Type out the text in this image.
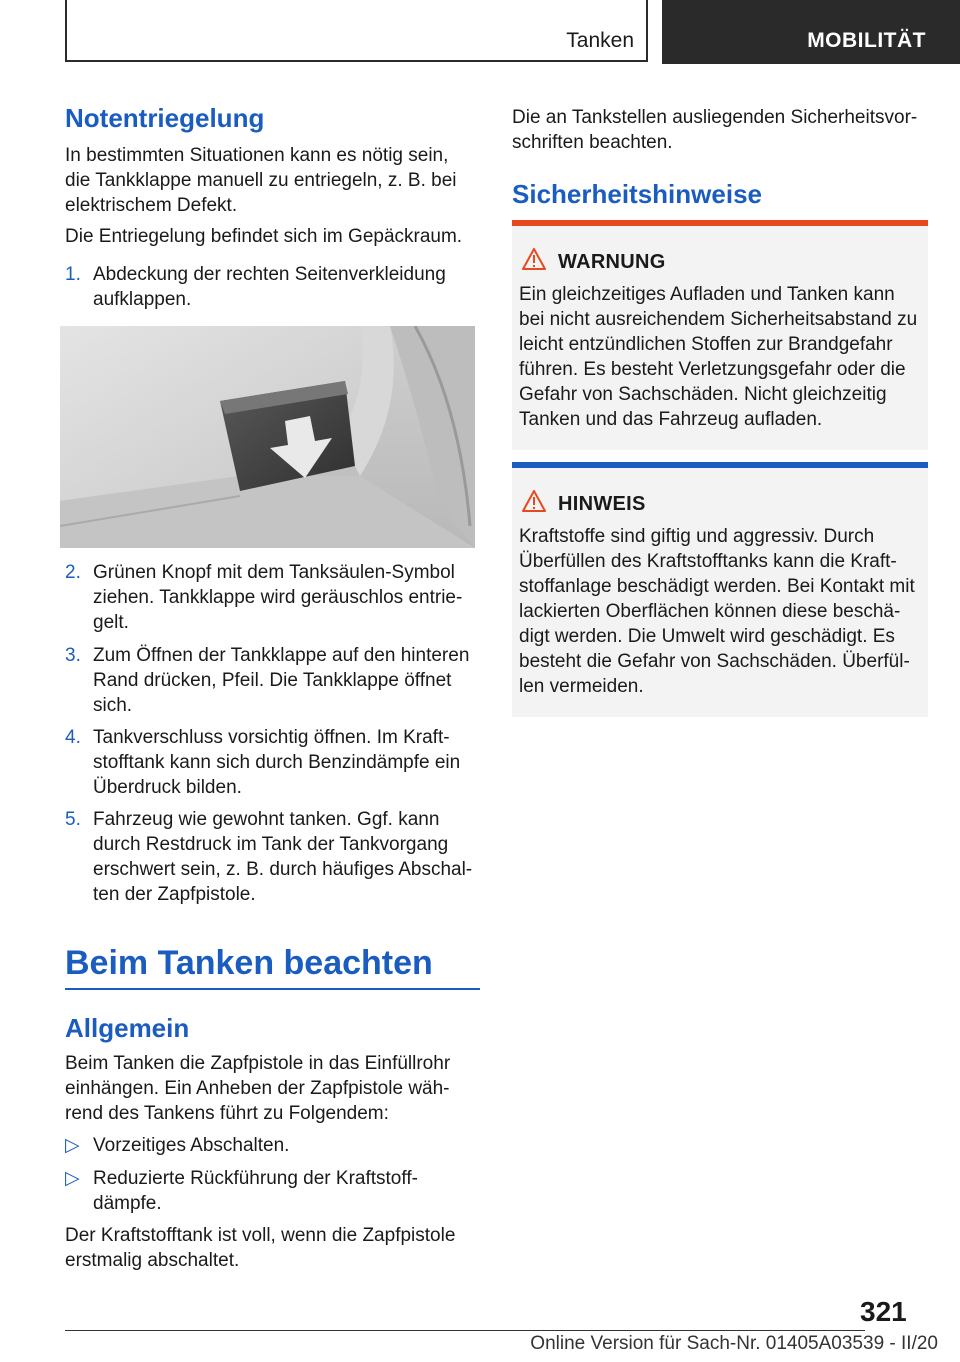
Tanken	MOBILITÄT
Notentriegelung
In bestimmten Situationen kann es nötig sein, die Tankklappe manuell zu entriegeln, z. B. bei elektrischem Defekt.
Die Entriegelung befindet sich im Gepäckraum.
1. Abdeckung der rechten Seitenverkleidung aufklappen.
2. Grünen Knopf mit dem Tanksäulen-Symbol ziehen. Tankklappe wird geräuschlos entrie-gelt.
3. Zum Öffnen der Tankklappe auf den hinteren Rand drücken, Pfeil. Die Tankklappe öffnet sich.
4. Tankverschluss vorsichtig öffnen. Im Kraft-stofftank kann sich durch Benzindämpfe ein Überdruck bilden.
5. Fahrzeug wie gewohnt tanken. Ggf. kann durch Restdruck im Tank der Tankvorgang erschwert sein, z. B. durch häufiges Abschal-ten der Zapfpistole.
Beim Tanken beachten
Allgemein
Beim Tanken die Zapfpistole in das Einfüllrohr einhängen. Ein Anheben der Zapfpistole wäh-rend des Tankens führt zu Folgendem:
▷ Vorzeitiges Abschalten.
▷ Reduzierte Rückführung der Kraftstoff-dämpfe.
Der Kraftstofftank ist voll, wenn die Zapfpistole erstmalig abschaltet.
Die an Tankstellen ausliegenden Sicherheitsvor-schriften beachten.
Sicherheitshinweise
WARNUNG
Ein gleichzeitiges Aufladen und Tanken kann bei nicht ausreichendem Sicherheitsabstand zu leicht entzündlichen Stoffen zur Brandgefahr führen. Es besteht Verletzungsgefahr oder die Gefahr von Sachschäden. Nicht gleichzeitig Tanken und das Fahrzeug aufladen.
HINWEIS
Kraftstoffe sind giftig und aggressiv. Durch Überfüllen des Kraftstofftanks kann die Kraft-stoffanlage beschädigt werden. Bei Kontakt mit lackierten Oberflächen können diese beschä-digt werden. Die Umwelt wird geschädigt. Es besteht die Gefahr von Sachschäden. Überfül-len vermeiden.
321
Online Version für Sach-Nr. 01405A03539 - II/20
